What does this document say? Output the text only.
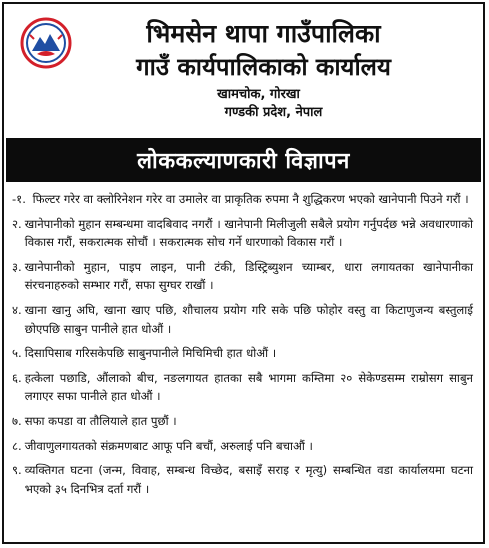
भिमसेन थापा गाउँपालिका
गाउँ कार्यपालिकाको कार्यालय
खामचोक, गोरखा
गण्डकी प्रदेश, नेपाल
लोककल्याणकारी विज्ञापन
-१. फिल्टर गरेर वा क्लोरिनेशन गरेर वा उमालेर वा प्राकृतिक रुपमा नै शुद्धिकरण भएको खानेपानी पिउने गरौं ।
२. खानेपानीको मुहान सम्बन्धमा वादबिवाद नगरौं । खानेपानी मिलीजुली सबैले प्रयोग गर्नुपर्दछ भन्ने अवधारणाको विकास गरौं, सकरात्मक सोचौं । सकरात्मक सोच गर्ने धारणाको विकास गरौं ।
३. खानेपानीको मुहान, पाइप लाइन, पानी टंकी, डिस्ट्रिब्युशन च्याम्बर, धारा लगायतका खानेपानीका संरचनाहरुको सम्भार गरौं, सफा सुग्घर राखौं ।
४. खाना खानु अघि, खाना खाए पछि, शौचालय प्रयोग गरि सके पछि फोहोर वस्तु वा किटाणुजन्य बस्तुलाई छोएपछि साबुन पानीले हात धोऔं ।
५. दिसापिसाब गरिसकेपछि साबुनपानीले मिचिमिची हात धोऔं ।
६. हत्केला पछाडि, औंलाको बीच, नङलगायत हातका सबै भागमा कम्तिमा २० सेकेण्डसम्म राम्रोसग साबुन लगाएर सफा पानीले हात धोऔं ।
७. सफा कपडा वा तौलियाले हात पुछौं ।
८. जीवाणुलगायतको संक्रमणबाट आफू पनि बचौं, अरुलाई पनि बचाऔं ।
९. व्यक्तिगत घटना (जन्म, विवाह, सम्बन्ध विच्छेद, बसाइँ सराइ र मृत्यु) सम्बन्धित वडा कार्यालयमा घटना भएको ३५ दिनभित्र दर्ता गरौं ।
